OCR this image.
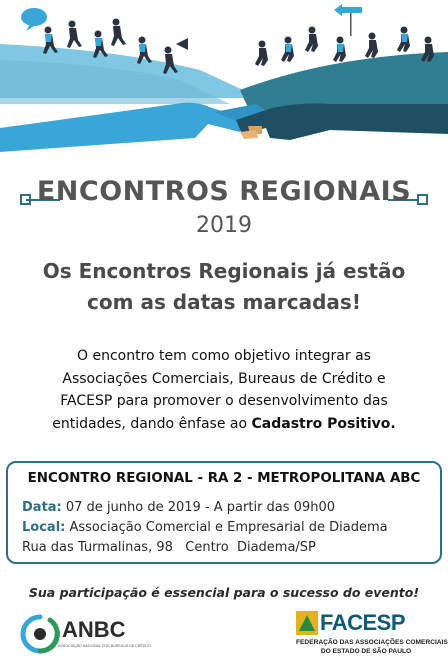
ENCONTROS REGIONAIS
2019
Os Encontros Regionais já estão
com as datas marcadas!
O encontro tem como objetivo integrar as
Associações Comerciais, Bureaus de Crédito e
FACESP para promover o desenvolvimento das
entidades, dando ênfase ao Cadastro Positivo.
ENCONTRO REGIONAL - RA 2 - METROPOLITANA ABC
Data: 07 de junho de 2019 - A partir das 09h00
Local: Associação Comercial e Empresarial de Diadema
Rua das Turmalinas, 98   Centro  Diadema/SP
Sua participação é essencial para o sucesso do evento!
ANBC
ASSOCIAÇÃO NACIONAL DOS BUREAUS DE CRÉDITO
FACESP
FEDERAÇÃO DAS ASSOCIAÇÕES COMERCIAIS
DO ESTADO DE SÃO PAULO
